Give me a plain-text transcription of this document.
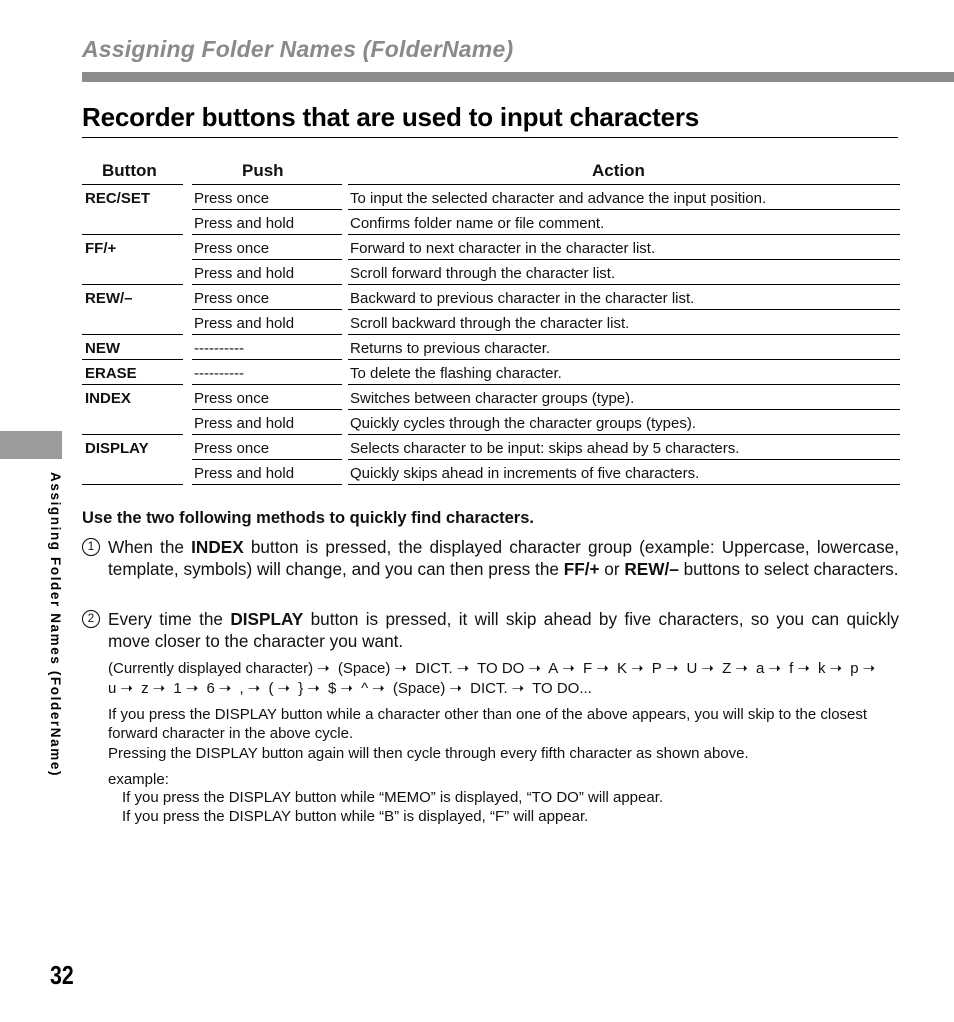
Assigning Folder Names (FolderName)
Recorder buttons that are used to input characters
Button	Push	Action
REC/SET	Press once	To input the selected character and advance the input position.
Press and hold	Confirms folder name or file comment.
FF/+	Press once	Forward to next character in the character list.
Press and hold	Scroll forward through the character list.
REW/–	Press once	Backward to previous character in the character list.
Press and hold	Scroll backward through the character list.
NEW	----------	Returns to previous character.
ERASE	----------	To delete the flashing character.
INDEX	Press once	Switches between character groups (type).
Press and hold	Quickly cycles through the character groups (types).
DISPLAY	Press once	Selects character to be input: skips ahead by 5 characters.
Press and hold	Quickly skips ahead in increments of five characters.
Use the two following methods to quickly find characters.
1 When the INDEX button is pressed, the displayed character group (example: Uppercase, lowercase, template, symbols) will change, and you can then press the FF/+ or REW/– buttons to select characters.
2 Every time the DISPLAY button is pressed, it will skip ahead by five characters, so you can quickly move closer to the character you want.
(Currently displayed character) ➝ (Space) ➝ DICT. ➝ TO DO ➝ A ➝ F ➝ K ➝ P ➝ U ➝ Z ➝ a ➝ f ➝ k ➝ p ➝ u ➝ z ➝ 1 ➝ 6 ➝ , ➝ ( ➝ } ➝ $ ➝ ^ ➝ (Space) ➝ DICT. ➝ TO DO...
If you press the DISPLAY button while a character other than one of the above appears, you will skip to the closest forward character in the above cycle.
Pressing the DISPLAY button again will then cycle through every fifth character as shown above.
example:
If you press the DISPLAY button while “MEMO” is displayed, “TO DO” will appear.
If you press the DISPLAY button while “B” is displayed, “F” will appear.
Assigning Folder Names (FolderName)
32
